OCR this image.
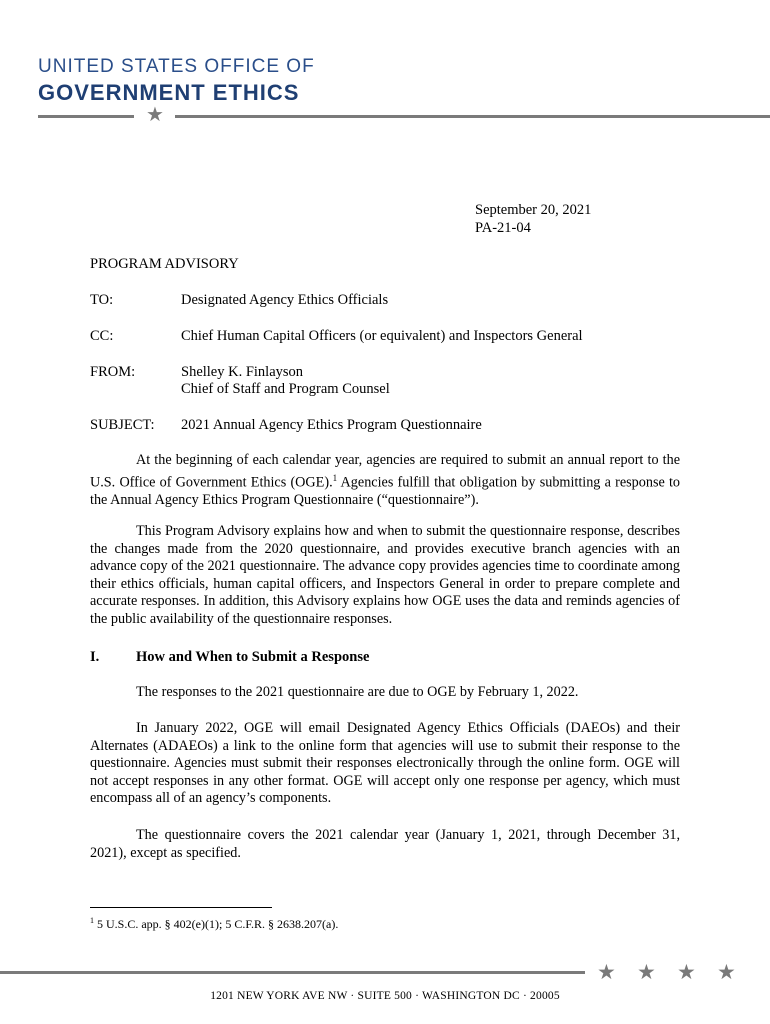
UNITED STATES OFFICE OF
GOVERNMENT ETHICS
★
September 20, 2021
PA-21-04
PROGRAM ADVISORY
TO:	Designated Agency Ethics Officials
CC:	Chief Human Capital Officers (or equivalent) and Inspectors General
FROM:	Shelley K. Finlayson
Chief of Staff and Program Counsel
SUBJECT: 2021 Annual Agency Ethics Program Questionnaire
At the beginning of each calendar year, agencies are required to submit an annual report to the U.S. Office of Government Ethics (OGE).$^1$ Agencies fulfill that obligation by submitting a response to the Annual Agency Ethics Program Questionnaire (“questionnaire”).
This Program Advisory explains how and when to submit the questionnaire response, describes the changes made from the 2020 questionnaire, and provides executive branch agencies with an advance copy of the 2021 questionnaire. The advance copy provides agencies time to coordinate among their ethics officials, human capital officers, and Inspectors General in order to prepare complete and accurate responses. In addition, this Advisory explains how OGE uses the data and reminds agencies of the public availability of the questionnaire responses.
I.	How and When to Submit a Response
The responses to the 2021 questionnaire are due to OGE by February 1, 2022.
In January 2022, OGE will email Designated Agency Ethics Officials (DAEOs) and their Alternates (ADAEOs) a link to the online form that agencies will use to submit their response to the questionnaire. Agencies must submit their responses electronically through the online form. OGE will not accept responses in any other format. OGE will accept only one response per agency, which must encompass all of an agency’s components.
The questionnaire covers the 2021 calendar year (January 1, 2021, through December 31, 2021), except as specified.
$^1$ 5 U.S.C. app. § 402(e)(1); 5 C.F.R. § 2638.207(a).
★ ★ ★ ★
1201 NEW YORK AVE NW · SUITE 500 · WASHINGTON DC · 20005
